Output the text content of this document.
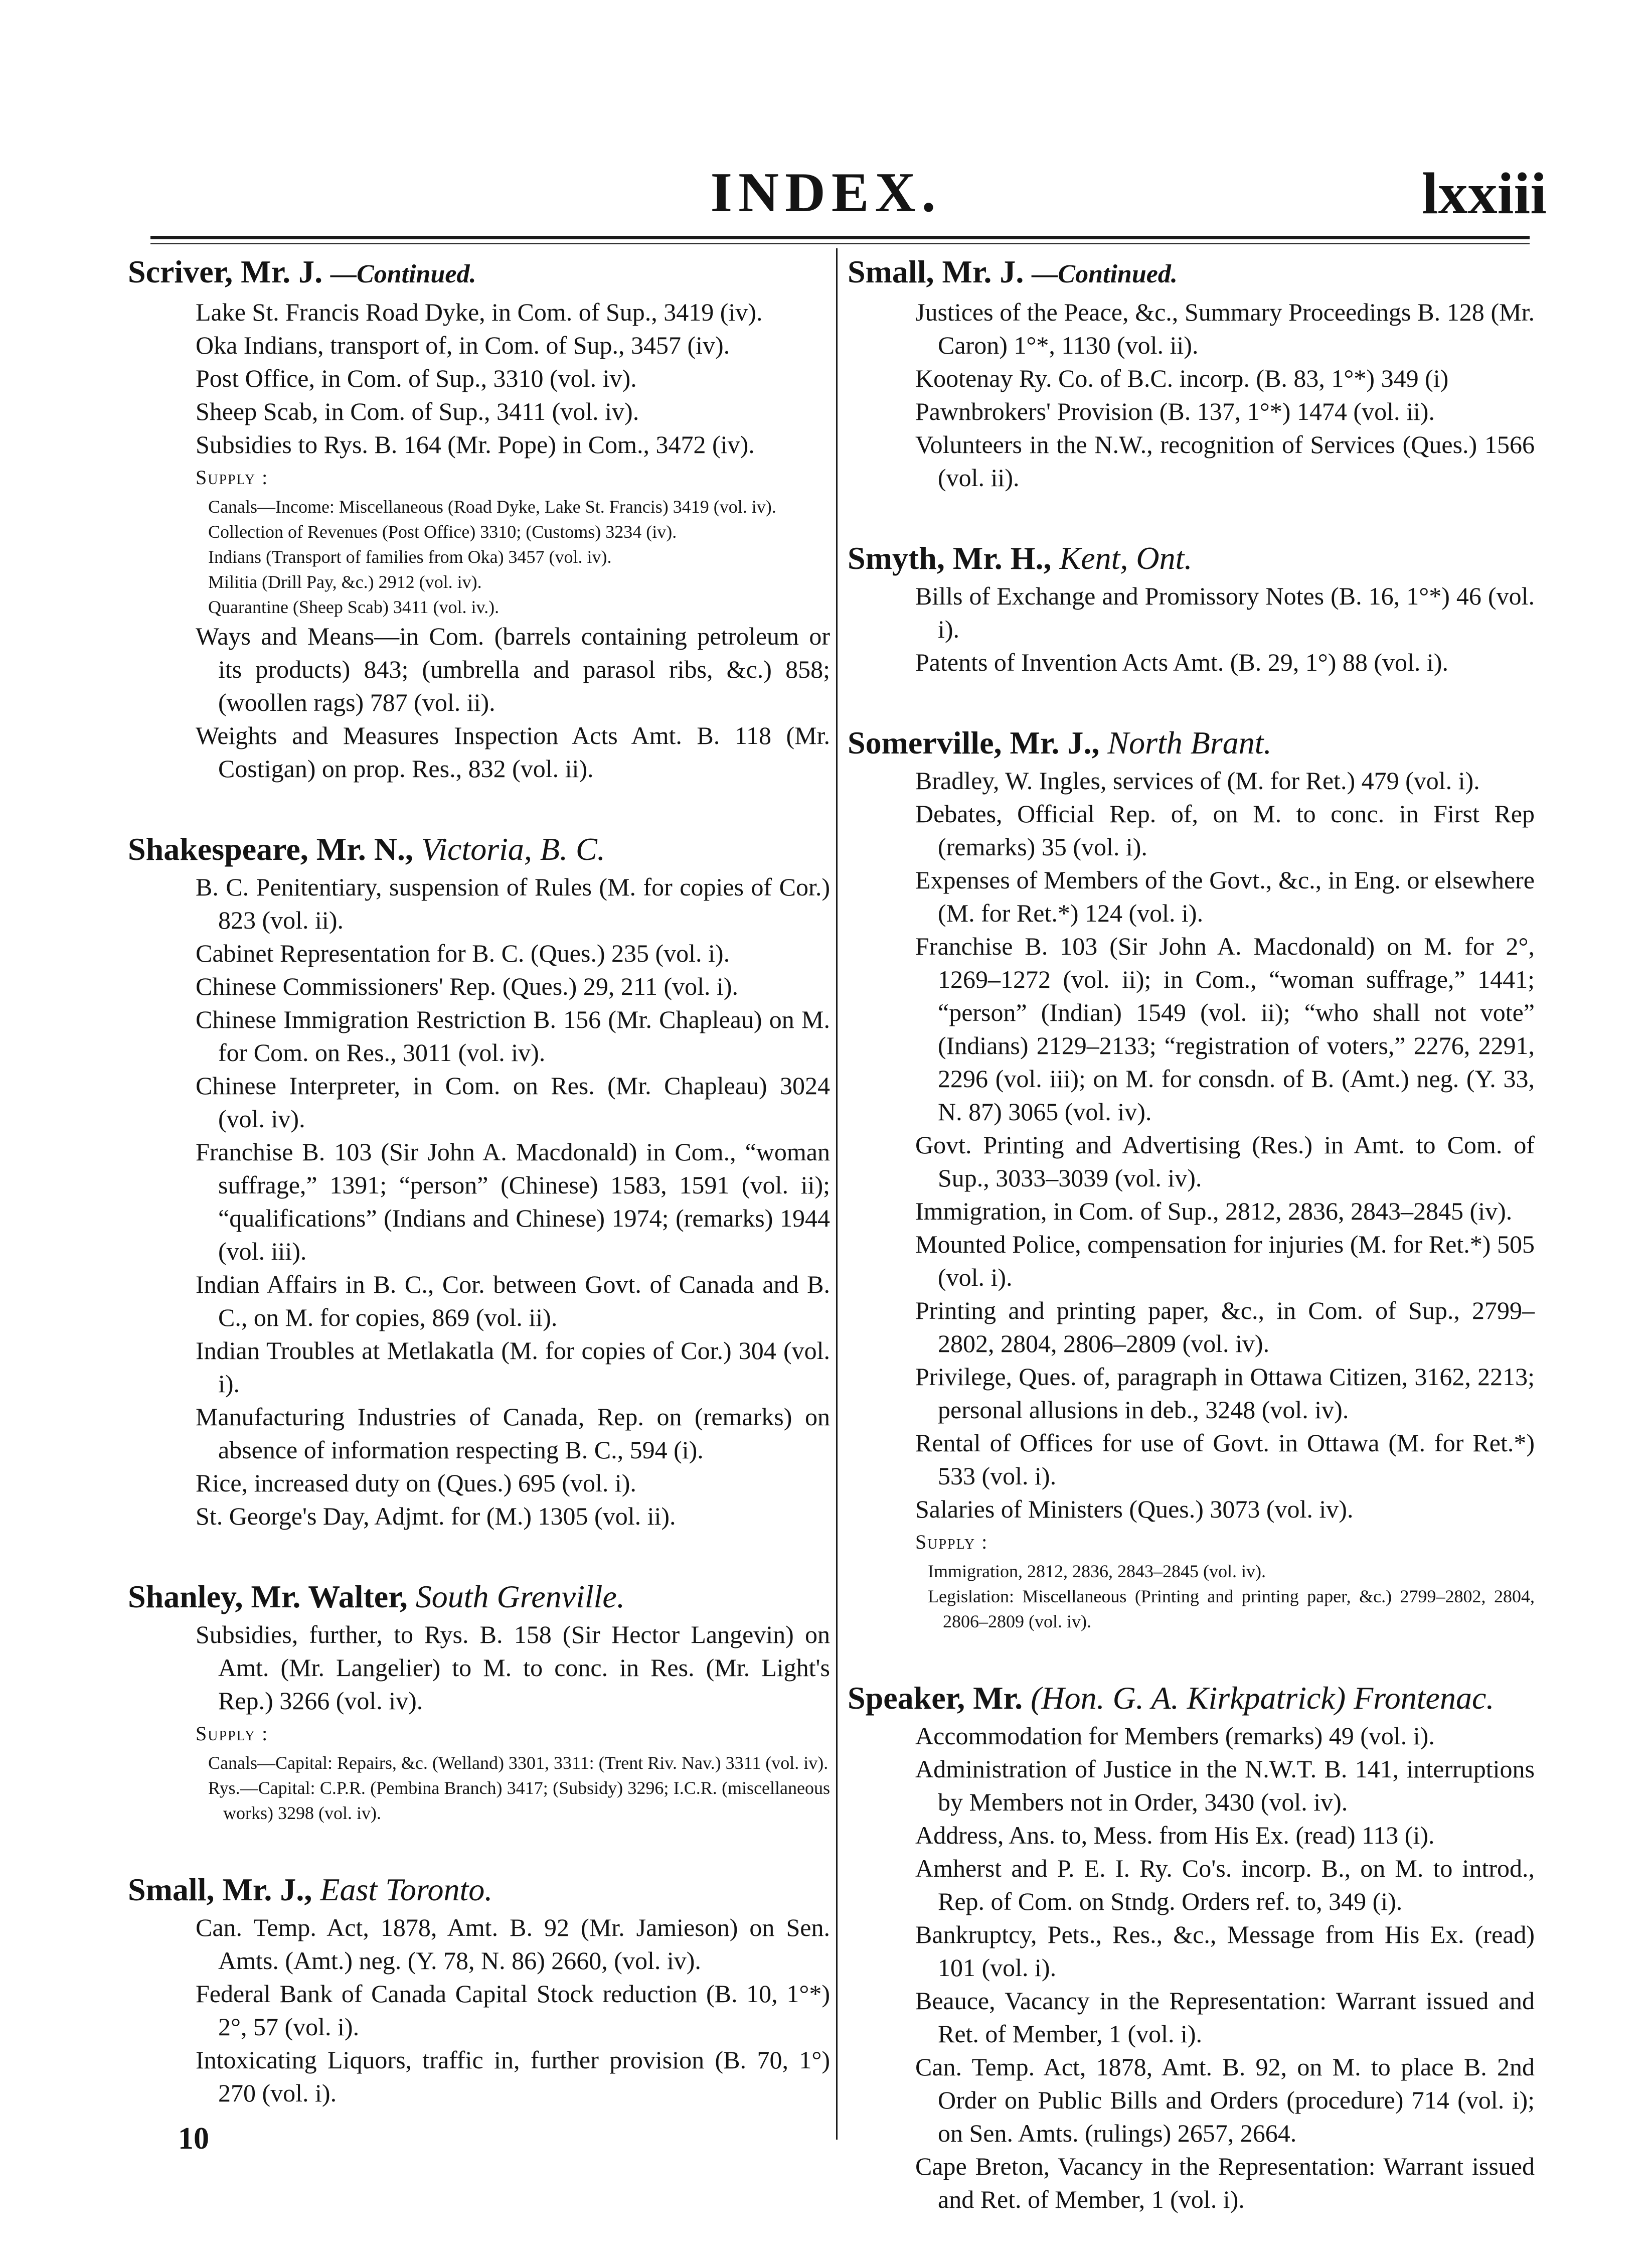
INDEX.	lxxiii
Scriver, Mr. J. —Continued.
Lake St. Francis Road Dyke, in Com. of Sup., 3419 (iv).
Oka Indians, transport of, in Com. of Sup., 3457 (iv).
Post Office, in Com. of Sup., 3310 (vol. iv).
Sheep Scab, in Com. of Sup., 3411 (vol. iv).
Subsidies to Rys. B. 164 (Mr. Pope) in Com., 3472 (iv).
Supply :
Canals—Income: Miscellaneous (Road Dyke, Lake St. Francis) 3419 (vol. iv).
Collection of Revenues (Post Office) 3310; (Customs) 3234 (iv).
Indians (Transport of families from Oka) 3457 (vol. iv).
Militia (Drill Pay, &c.) 2912 (vol. iv).
Quarantine (Sheep Scab) 3411 (vol. iv.).
Ways and Means—in Com. (barrels containing petroleum or its products) 843; (umbrella and parasol ribs, &c.) 858; (woollen rags) 787 (vol. ii).
Weights and Measures Inspection Acts Amt. B. 118 (Mr. Costigan) on prop. Res., 832 (vol. ii).
Shakespeare, Mr. N., Victoria, B. C.
B. C. Penitentiary, suspension of Rules (M. for copies of Cor.) 823 (vol. ii).
Cabinet Representation for B. C. (Ques.) 235 (vol. i).
Chinese Commissioners' Rep. (Ques.) 29, 211 (vol. i).
Chinese Immigration Restriction B. 156 (Mr. Chapleau) on M. for Com. on Res., 3011 (vol. iv).
Chinese Interpreter, in Com. on Res. (Mr. Chapleau) 3024 (vol. iv).
Franchise B. 103 (Sir John A. Macdonald) in Com., “woman suffrage,” 1391; “person” (Chinese) 1583, 1591 (vol. ii); “qualifications” (Indians and Chinese) 1974; (remarks) 1944 (vol. iii).
Indian Affairs in B. C., Cor. between Govt. of Canada and B. C., on M. for copies, 869 (vol. ii).
Indian Troubles at Metlakatla (M. for copies of Cor.) 304 (vol. i).
Manufacturing Industries of Canada, Rep. on (remarks) on absence of information respecting B. C., 594 (i).
Rice, increased duty on (Ques.) 695 (vol. i).
St. George's Day, Adjmt. for (M.) 1305 (vol. ii).
Shanley, Mr. Walter, South Grenville.
Subsidies, further, to Rys. B. 158 (Sir Hector Langevin) on Amt. (Mr. Langelier) to M. to conc. in Res. (Mr. Light's Rep.) 3266 (vol. iv).
Supply :
Canals—Capital: Repairs, &c. (Welland) 3301, 3311: (Trent Riv. Nav.) 3311 (vol. iv).
Rys.—Capital: C.P.R. (Pembina Branch) 3417; (Subsidy) 3296; I.C.R. (miscellaneous works) 3298 (vol. iv).
Small, Mr. J., East Toronto.
Can. Temp. Act, 1878, Amt. B. 92 (Mr. Jamieson) on Sen. Amts. (Amt.) neg. (Y. 78, N. 86) 2660, (vol. iv).
Federal Bank of Canada Capital Stock reduction (B. 10, 1°*) 2°, 57 (vol. i).
Intoxicating Liquors, traffic in, further provision (B. 70, 1°) 270 (vol. i).
Small, Mr. J. —Continued.
Justices of the Peace, &c., Summary Proceedings B. 128 (Mr. Caron) 1°*, 1130 (vol. ii).
Kootenay Ry. Co. of B.C. incorp. (B. 83, 1°*) 349 (i)
Pawnbrokers' Provision (B. 137, 1°*) 1474 (vol. ii).
Volunteers in the N.W., recognition of Services (Ques.) 1566 (vol. ii).
Smyth, Mr. H., Kent, Ont.
Bills of Exchange and Promissory Notes (B. 16, 1°*) 46 (vol. i).
Patents of Invention Acts Amt. (B. 29, 1°) 88 (vol. i).
Somerville, Mr. J., North Brant.
Bradley, W. Ingles, services of (M. for Ret.) 479 (vol. i).
Debates, Official Rep. of, on M. to conc. in First Rep (remarks) 35 (vol. i).
Expenses of Members of the Govt., &c., in Eng. or elsewhere (M. for Ret.*) 124 (vol. i).
Franchise B. 103 (Sir John A. Macdonald) on M. for 2°, 1269–1272 (vol. ii); in Com., “woman suffrage,” 1441; “person” (Indian) 1549 (vol. ii); “who shall not vote” (Indians) 2129–2133; “registration of voters,” 2276, 2291, 2296 (vol. iii); on M. for consdn. of B. (Amt.) neg. (Y. 33, N. 87) 3065 (vol. iv).
Govt. Printing and Advertising (Res.) in Amt. to Com. of Sup., 3033–3039 (vol. iv).
Immigration, in Com. of Sup., 2812, 2836, 2843–2845 (iv).
Mounted Police, compensation for injuries (M. for Ret.*) 505 (vol. i).
Printing and printing paper, &c., in Com. of Sup., 2799–2802, 2804, 2806–2809 (vol. iv).
Privilege, Ques. of, paragraph in Ottawa Citizen, 3162, 2213; personal allusions in deb., 3248 (vol. iv).
Rental of Offices for use of Govt. in Ottawa (M. for Ret.*) 533 (vol. i).
Salaries of Ministers (Ques.) 3073 (vol. iv).
Supply :
Immigration, 2812, 2836, 2843–2845 (vol. iv).
Legislation: Miscellaneous (Printing and printing paper, &c.) 2799–2802, 2804, 2806–2809 (vol. iv).
Speaker, Mr. (Hon. G. A. Kirkpatrick) Frontenac.
Accommodation for Members (remarks) 49 (vol. i).
Administration of Justice in the N.W.T. B. 141, interruptions by Members not in Order, 3430 (vol. iv).
Address, Ans. to, Mess. from His Ex. (read) 113 (i).
Amherst and P. E. I. Ry. Co's. incorp. B., on M. to introd., Rep. of Com. on Stndg. Orders ref. to, 349 (i).
Bankruptcy, Pets., Res., &c., Message from His Ex. (read) 101 (vol. i).
Beauce, Vacancy in the Representation: Warrant issued and Ret. of Member, 1 (vol. i).
Can. Temp. Act, 1878, Amt. B. 92, on M. to place B. 2nd Order on Public Bills and Orders (procedure) 714 (vol. i); on Sen. Amts. (rulings) 2657, 2664.
Cape Breton, Vacancy in the Representation: Warrant issued and Ret. of Member, 1 (vol. i).
10
